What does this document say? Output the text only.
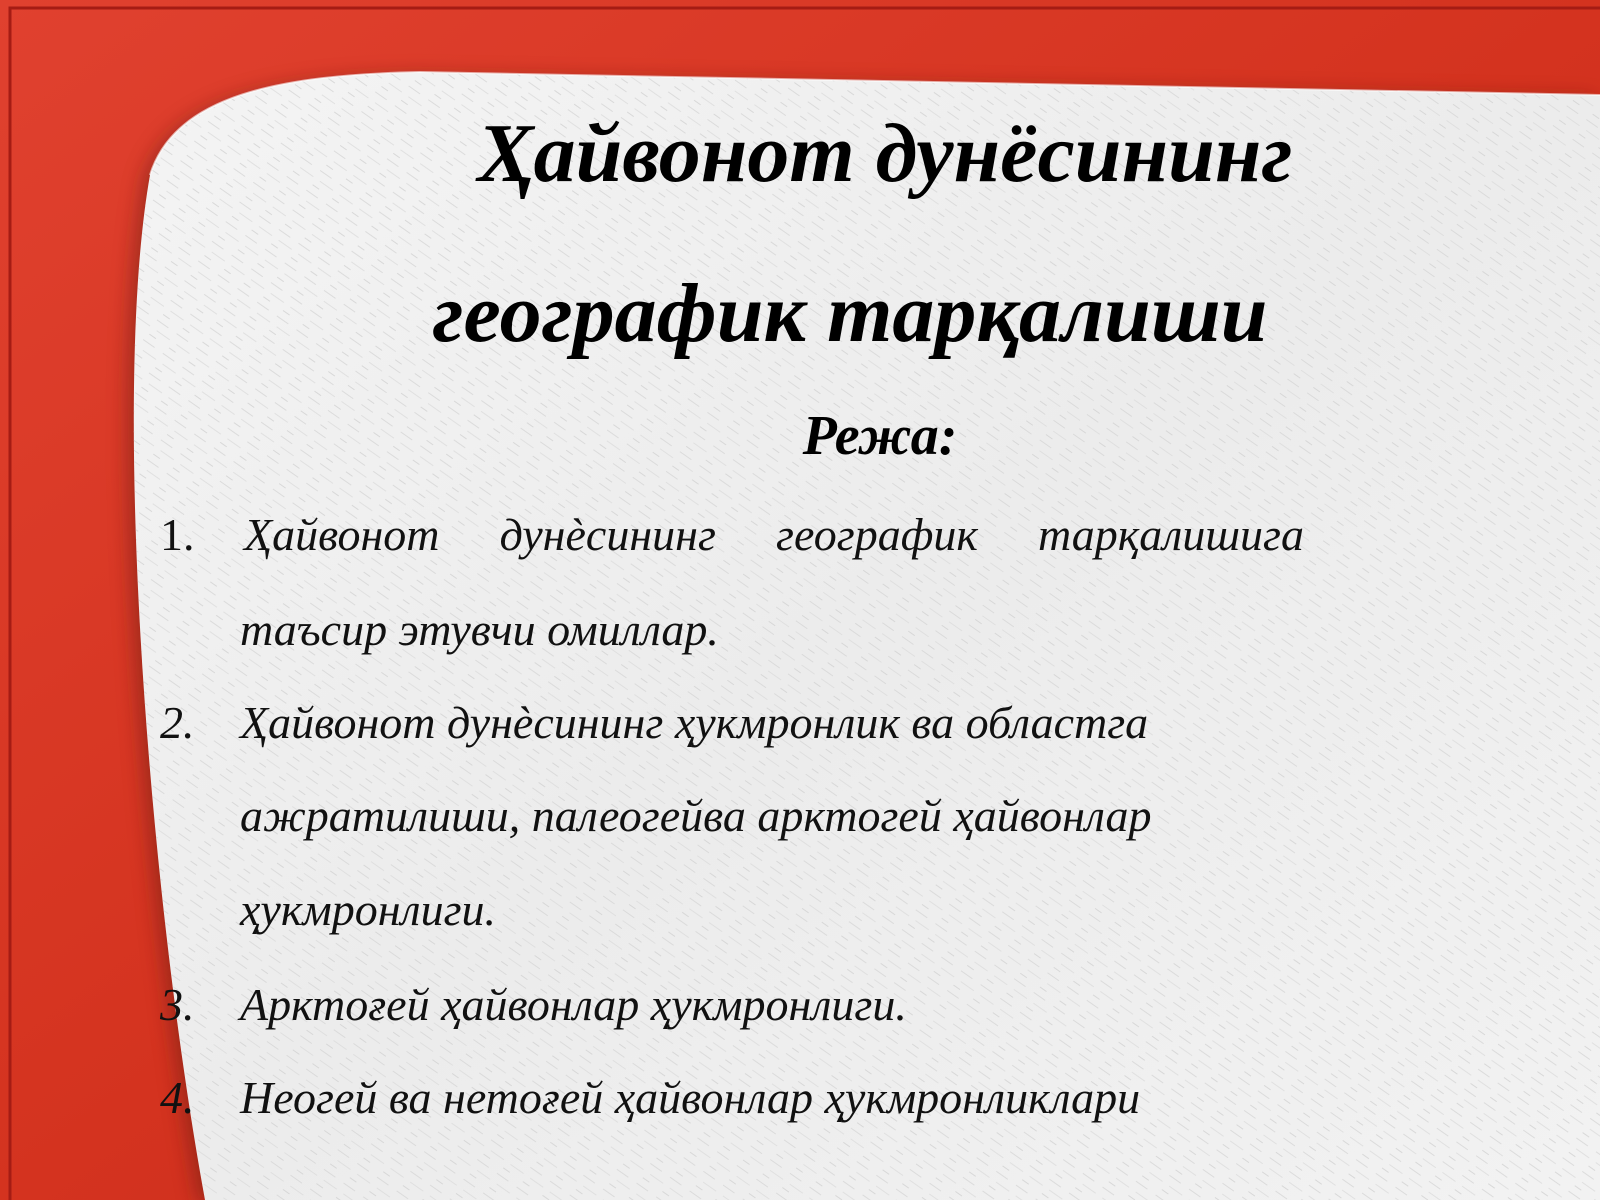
Ҳайвонот дунёсининг
географик тарқалиши
Режа:
1. Ҳайвонот дунѐсининг географик тарқалишига
таъсир этувчи омиллар.
2. Ҳайвонот дунѐсининг ҳукмронлик ва областга
ажратилиши, палеогейва арктогей ҳайвонлар
ҳукмронлиги.
3. Арктоғей ҳайвонлар ҳукмронлиги.
4. Неогей ва нетоғей ҳайвонлар ҳукмронликлари
